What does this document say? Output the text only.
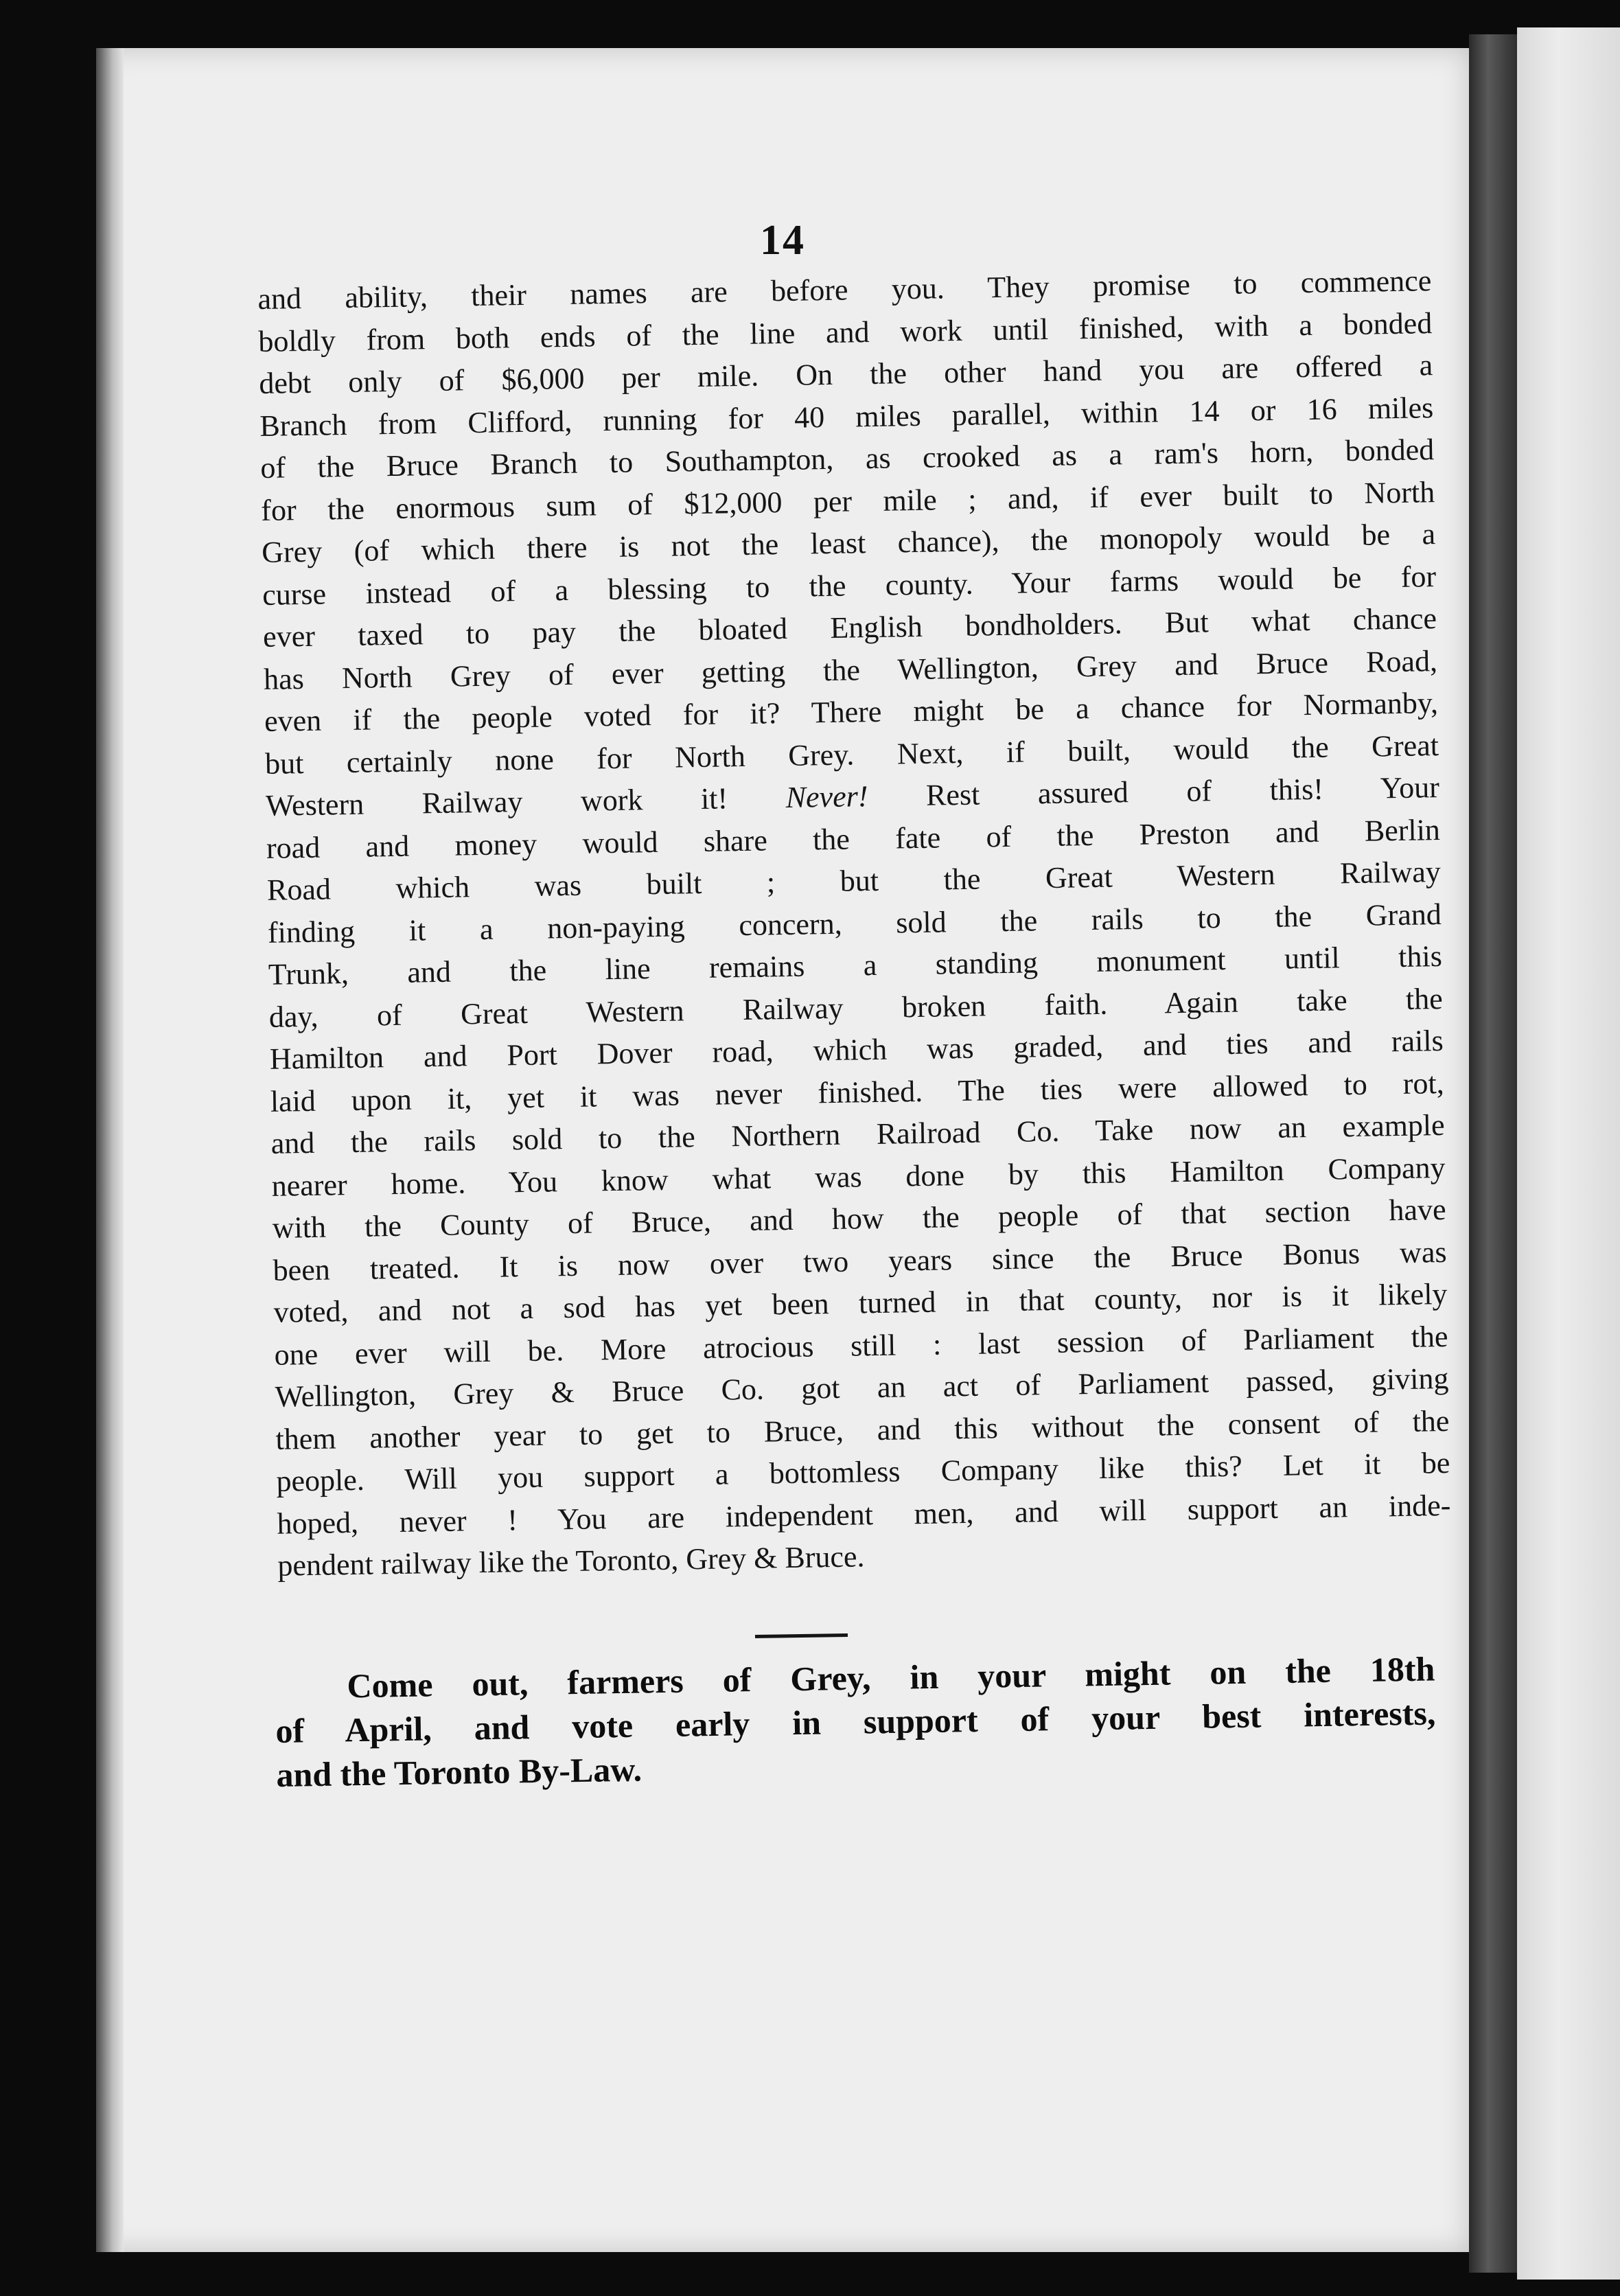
14
and ability, their names are before you. They promise to commence
boldly from both ends of the line and work until finished, with a bonded
debt only of $6,000 per mile. On the other hand you are offered a
Branch from Clifford, running for 40 miles parallel, within 14 or 16 miles
of the Bruce Branch to Southampton, as crooked as a ram's horn, bonded
for the enormous sum of $12,000 per mile ; and, if ever built to North
Grey (of which there is not the least chance), the monopoly would be a
curse instead of a blessing to the county. Your farms would be for
ever taxed to pay the bloated English bondholders. But what chance
has North Grey of ever getting the Wellington, Grey and Bruce Road,
even if the people voted for it? There might be a chance for Normanby,
but certainly none for North Grey. Next, if built, would the Great
Western Railway work it! Never! Rest assured of this! Your
road and money would share the fate of the Preston and Berlin
Road which was built ; but the Great Western Railway
finding it a non-paying concern, sold the rails to the Grand
Trunk, and the line remains a standing monument until this
day, of Great Western Railway broken faith. Again take the
Hamilton and Port Dover road, which was graded, and ties and rails
laid upon it, yet it was never finished. The ties were allowed to rot,
and the rails sold to the Northern Railroad Co. Take now an example
nearer home. You know what was done by this Hamilton Company
with the County of Bruce, and how the people of that section have
been treated. It is now over two years since the Bruce Bonus was
voted, and not a sod has yet been turned in that county, nor is it likely
one ever will be. More atrocious still : last session of Parliament the
Wellington, Grey & Bruce Co. got an act of Parliament passed, giving
them another year to get to Bruce, and this without the consent of the
people. Will you support a bottomless Company like this? Let it be
hoped, never ! You are independent men, and will support an inde-
pendent railway like the Toronto, Grey & Bruce.
Come out, farmers of Grey, in your might on the 18th
of April, and vote early in support of your best interests,
and the Toronto By-Law.
